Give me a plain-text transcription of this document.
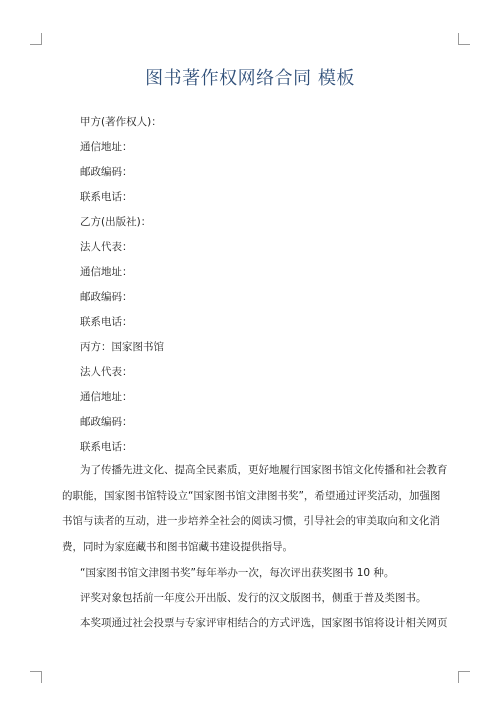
图书著作权网络合同 模板
甲方(著作权人)：
通信地址：
邮政编码：
联系电话：
乙方(出版社)：
法人代表：
通信地址：
邮政编码：
联系电话：
丙方：国家图书馆
法人代表：
通信地址：
邮政编码：
联系电话：

为了传播先进文化、提高全民素质，更好地履行国家图书馆文化传播和社会教育的职能，国家图书馆特设立“国家图书馆文津图书奖”，希望通过评奖活动，加强图书馆与读者的互动，进一步培养全社会的阅读习惯，引导社会的审美取向和文化消费，同时为家庭藏书和图书馆藏书建设提供指导。

“国家图书馆文津图书奖”每年举办一次，每次评出获奖图书 10 种。

评奖对象包括前一年度公开出版、发行的汉文版图书，侧重于普及类图书。

本奖项通过社会投票与专家评审相结合的方式评选，国家图书馆将设计相关网页
